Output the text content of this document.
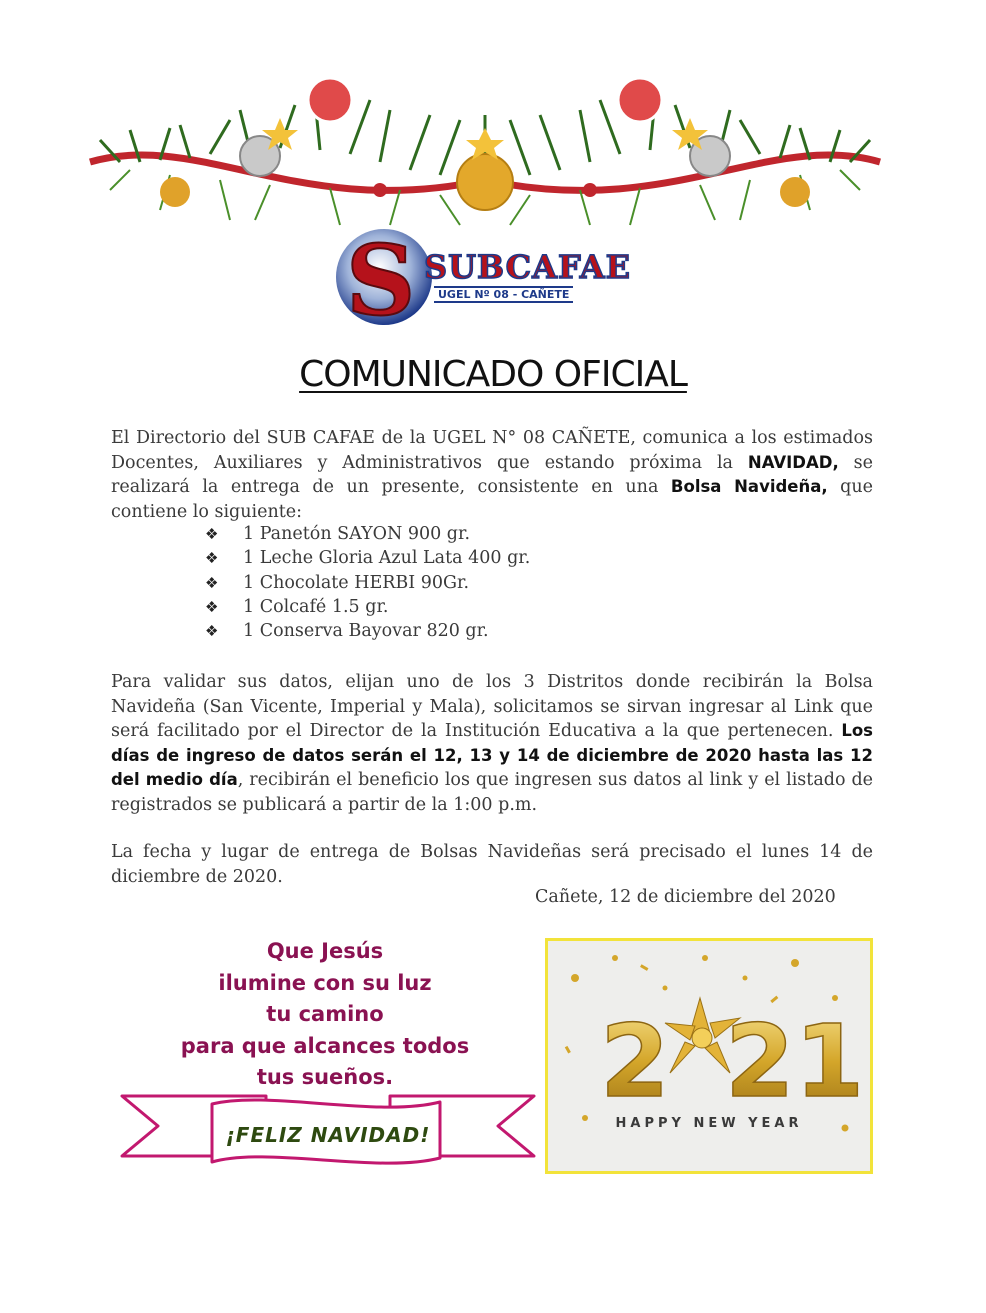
S SUBCAFAE
UGEL Nº 08 - CAÑETE
COMUNICADO OFICIAL
El Directorio del SUB CAFAE de la UGEL N° 08 CAÑETE, comunica a los estimados Docentes, Auxiliares y Administrativos que estando próxima la NAVIDAD, se realizará la entrega de un presente, consistente en una Bolsa Navideña, que contiene lo siguiente:
❖	1 Panetón SAYON 900 gr.
❖	1 Leche Gloria Azul Lata 400 gr.
❖	1 Chocolate HERBI 90Gr.
❖	1 Colcafé 1.5 gr.
❖	1 Conserva Bayovar 820 gr.
Para validar sus datos, elijan uno de los 3 Distritos donde recibirán la Bolsa Navideña (San Vicente, Imperial y Mala), solicitamos se sirvan ingresar al Link que será facilitado por el Director de la Institución Educativa a la que pertenecen. Los días de ingreso de datos serán el 12, 13 y 14 de diciembre de 2020 hasta las 12 del medio día, recibirán el beneficio los que ingresen sus datos al link y el listado de registrados se publicará a partir de la 1:00 p.m.
La fecha y lugar de entrega de Bolsas Navideñas será precisado el lunes 14 de diciembre de 2020.
Cañete, 12 de diciembre del 2020
Que Jesús
ilumine con su luz
tu camino
para que alcances todos
tus sueños.
¡FELIZ NAVIDAD!
2 21
HAPPY NEW YEAR
